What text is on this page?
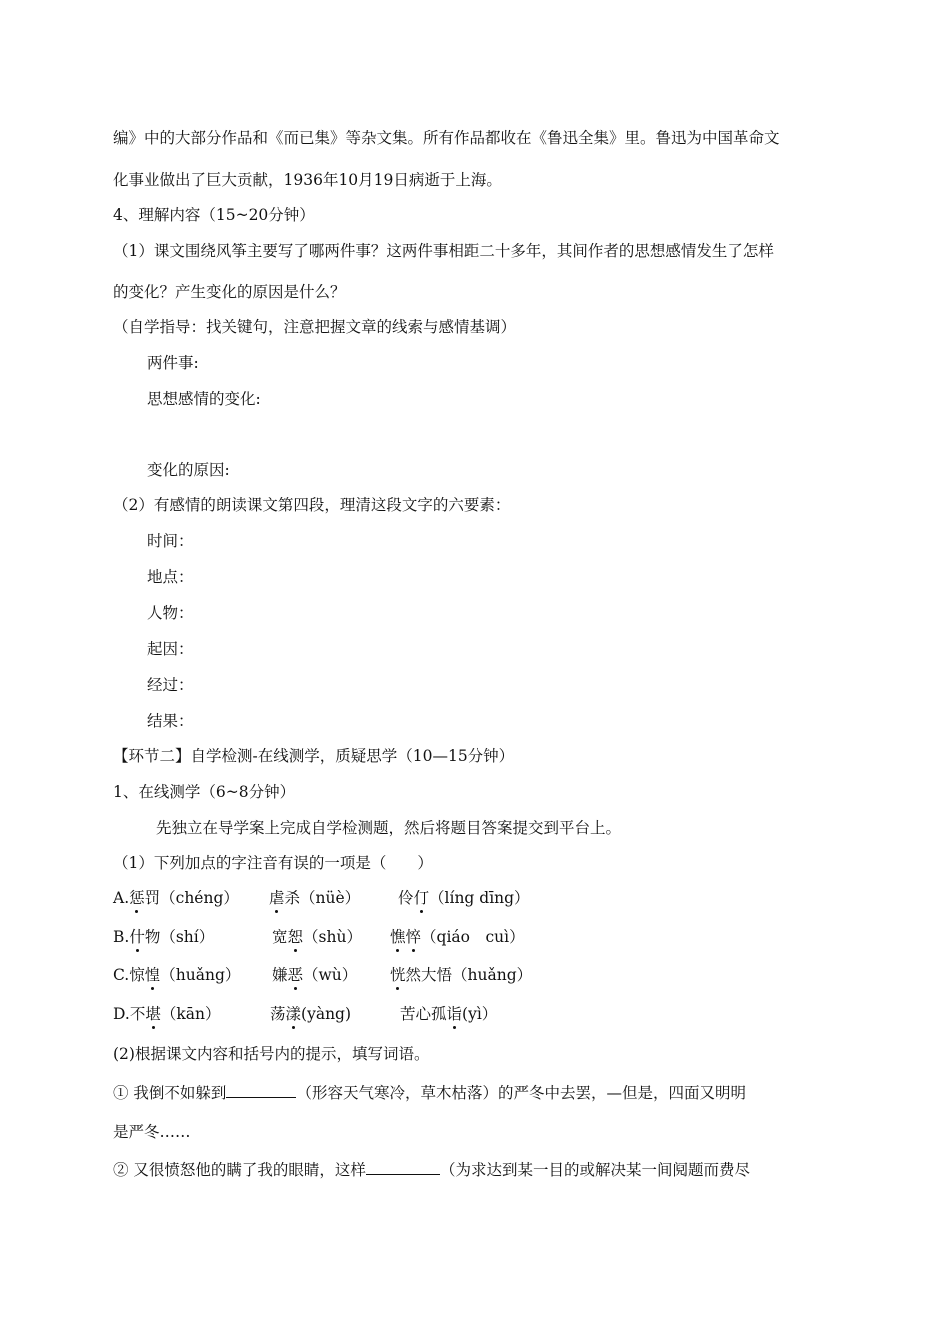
编》中的大部分作品和《而已集》等杂文集。所有作品都收在《鲁迅全集》里。鲁迅为中国革命文
化事业做出了巨大贡献，1936年10月19日病逝于上海。
4、理解内容（15~20分钟）
（1）课文围绕风筝主要写了哪两件事？这两件事相距二十多年，其间作者的思想感情发生了怎样
的变化？产生变化的原因是什么？
（自学指导：找关键句，注意把握文章的线索与感情基调）
两件事:
思想感情的变化:
变化的原因:
（2）有感情的朗读课文第四段，理清这段文字的六要素：
时间：
地点：
人物：
起因：
经过：
结果：
【环节二】自学检测-在线测学，质疑思学（10—15分钟）
1、在线测学（6~8分钟）
先独立在导学案上完成自学检测题，然后将题目答案提交到平台上。
（1）下列加点的字注音有误的一项是（　　）
A.惩罚（chéng） 虐杀（nüè） 伶仃（líng dīng）
B.什物（shí）	宽恕（shù） 憔悴（qiáo　cuì）
C.惊惶（huǎng） 嫌恶（wù） 恍然大悟（huǎng）
D.不堪（kān）	荡漾(yàng)	苦心孤诣(yì）
(2)根据课文内容和括号内的提示，填写词语。
① 我倒不如躲到	（形容天气寒冷，草木枯落）的严冬中去罢，—但是，四面又明明
是严冬……
② 又很愤怒他的瞒了我的眼睛，这样	（为求达到某一目的或解决某一间阋题而费尽
